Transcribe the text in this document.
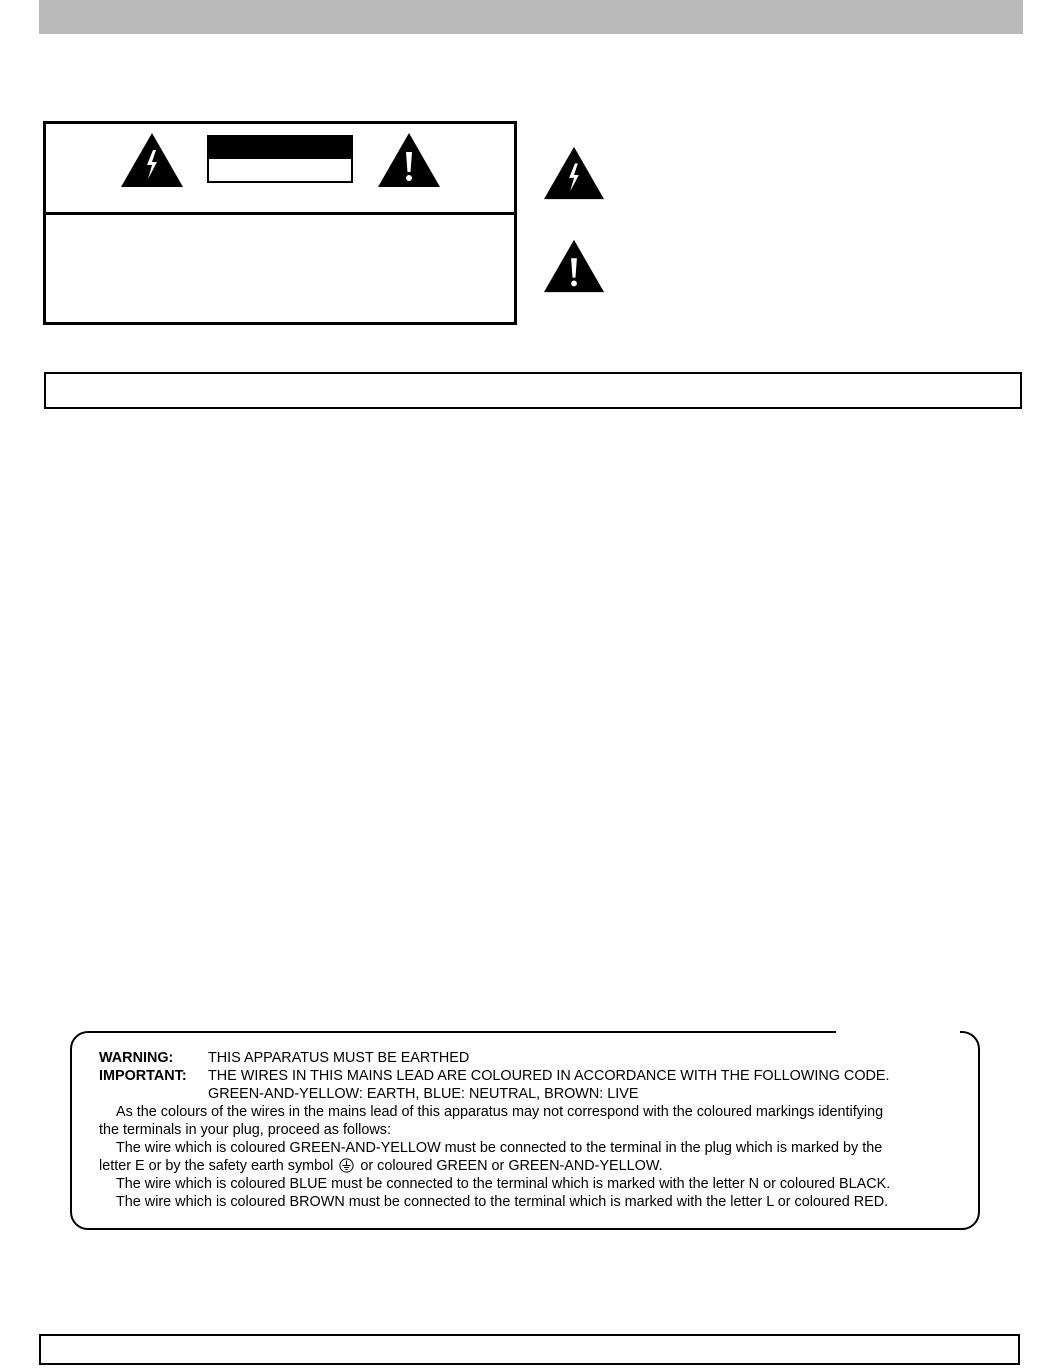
WARNING:	THIS APPARATUS MUST BE EARTHED
IMPORTANT:	THE WIRES IN THIS MAINS LEAD ARE COLOURED IN ACCORDANCE WITH THE FOLLOWING CODE.
GREEN-AND-YELLOW: EARTH, BLUE: NEUTRAL, BROWN: LIVE
As the colours of the wires in the mains lead of this apparatus may not correspond with the coloured markings identifying
the terminals in your plug, proceed as follows:
The wire which is coloured GREEN-AND-YELLOW must be connected to the terminal in the plug which is marked by the
letter E or by the safety earth symbol or coloured GREEN or GREEN-AND-YELLOW.
The wire which is coloured BLUE must be connected to the terminal which is marked with the letter N or coloured BLACK.
The wire which is coloured BROWN must be connected to the terminal which is marked with the letter L or coloured RED.
